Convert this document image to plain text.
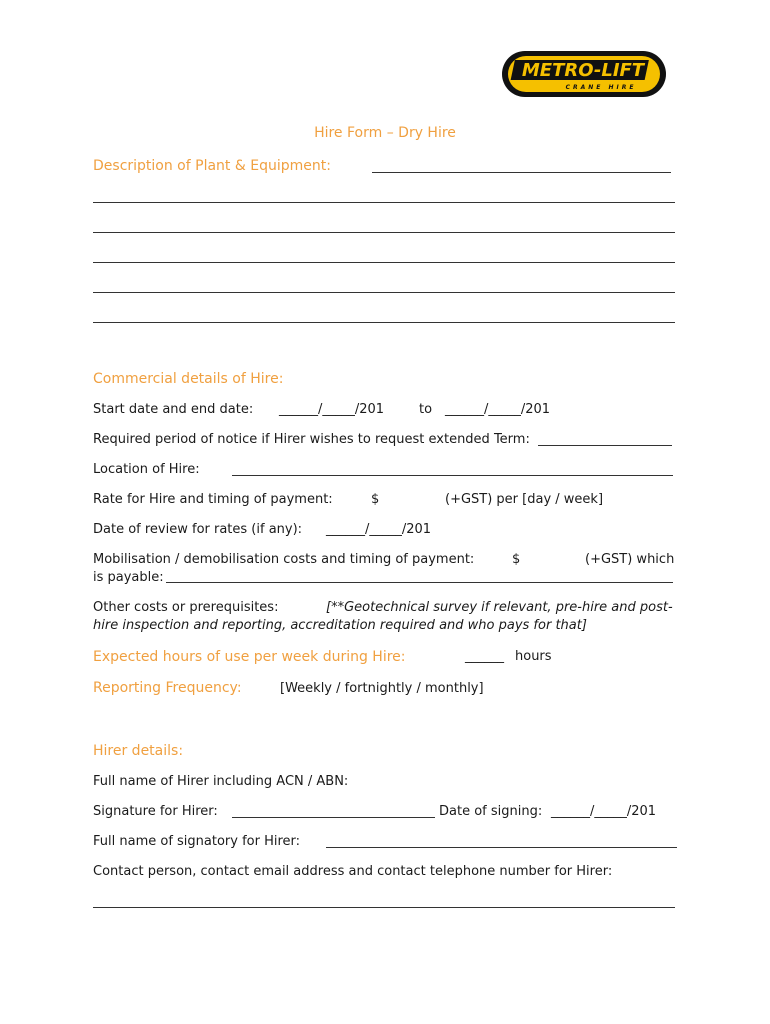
METRO-LIFT
CRANE HIRE
Hire Form – Dry Hire
Description of Plant & Equipment:
Commercial details of Hire:
Start date and end date: ______/_____/201	to ______/_____/201
Required period of notice if Hirer wishes to request extended Term:
Location of Hire:
Rate for Hire and timing of payment:	$	(+GST) per [day / week]
Date of review for rates (if any): ______/_____/201
Mobilisation / demobilisation costs and timing of payment:	$	(+GST) which
is payable:
Other costs or prerequisites:	[**Geotechnical survey if relevant, pre-hire and post-
hire inspection and reporting, accreditation required and who pays for that]
Expected hours of use per week during Hire:	______ hours
Reporting Frequency:	[Weekly / fortnightly / monthly]
Hirer details:
Full name of Hirer including ACN / ABN:
Signature for Hirer:	Date of signing: ______/_____/201
Full name of signatory for Hirer:
Contact person, contact email address and contact telephone number for Hirer:
